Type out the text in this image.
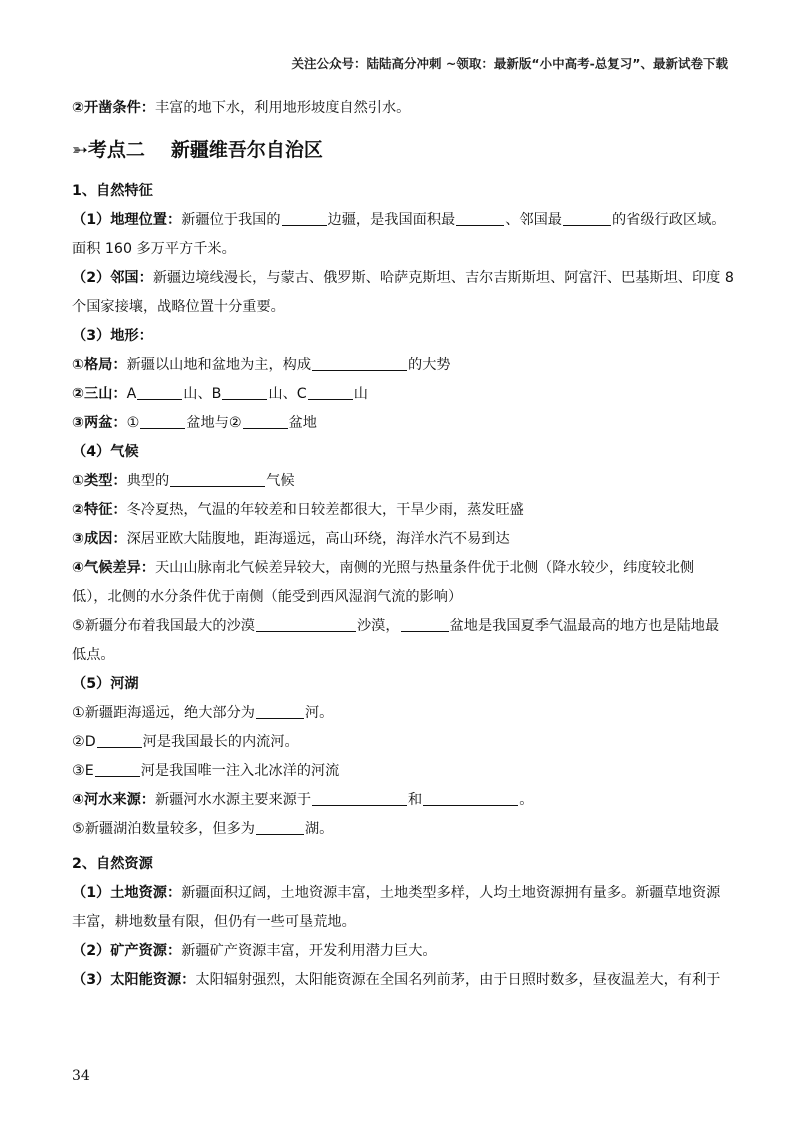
关注公众号：陆陆高分冲刺 ~领取：最新版“小中高考-总复习”、最新试卷下载
②开凿条件：丰富的地下水，利用地形坡度自然引水。
➳考点二 新疆维吾尔自治区
1、自然特征
（1）地理位置：新疆位于我国的	边疆，是我国面积最	、邻国最	的省级行政区域。
面积 160 多万平方千米。
（2）邻国：新疆边境线漫长，与蒙古、俄罗斯、哈萨克斯坦、吉尔吉斯斯坦、阿富汗、巴基斯坦、印度 8
个国家接壤，战略位置十分重要。
（3）地形：
①格局：新疆以山地和盆地为主，构成	的大势
②三山：A	山、B	山、C	山
③两盆：①	盆地与②	盆地
（4）气候
①类型：典型的	气候
②特征：冬冷夏热，气温的年较差和日较差都很大，干旱少雨，蒸发旺盛
③成因：深居亚欧大陆腹地，距海遥远，高山环绕，海洋水汽不易到达
④气候差异：天山山脉南北气候差异较大，南侧的光照与热量条件优于北侧（降水较少，纬度较北侧
低），北侧的水分条件优于南侧（能受到西风湿润气流的影响）
⑤新疆分布着我国最大的沙漠	沙漠，	盆地是我国夏季气温最高的地方也是陆地最
低点。
（5）河湖
①新疆距海遥远，绝大部分为	河。
②D	河是我国最长的内流河。
③E	河是我国唯一注入北冰洋的河流
④河水来源：新疆河水水源主要来源于	和	。
⑤新疆湖泊数量较多，但多为	湖。
2、自然资源
（1）土地资源：新疆面积辽阔，土地资源丰富，土地类型多样，人均土地资源拥有量多。新疆草地资源
丰富，耕地数量有限，但仍有一些可垦荒地。
（2）矿产资源：新疆矿产资源丰富，开发利用潜力巨大。
（3）太阳能资源：太阳辐射强烈，太阳能资源在全国名列前茅，由于日照时数多，昼夜温差大，有利于
34
